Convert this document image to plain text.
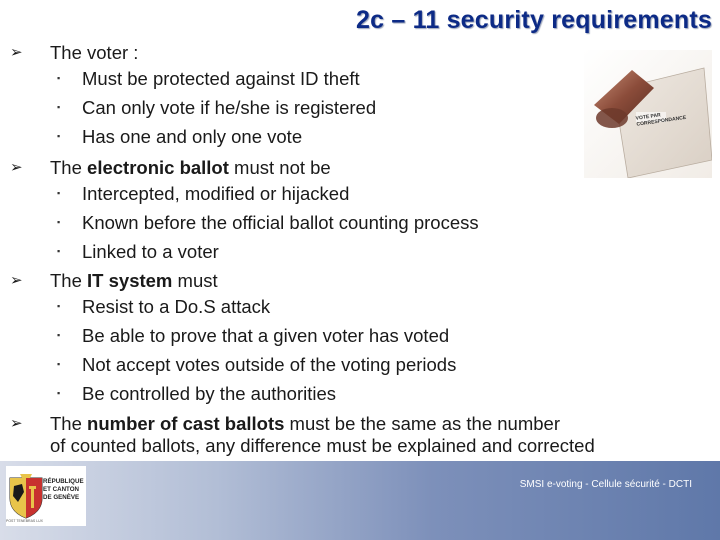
2c – 11 security requirements
➢ The voter :
▪ Must be protected against ID theft
▪ Can only vote if he/she is registered
▪ Has one and only one vote
➢ The electronic ballot must not be
▪ Intercepted, modified or hijacked
▪ Known before the official ballot counting process
▪ Linked to a voter
➢ The IT system must
▪ Resist to a Do.S attack
▪ Be able to prove that a given voter has voted
▪ Not accept votes outside of the voting periods
▪ Be controlled by the authorities
➢ The number of cast ballots must be the same as the number
of counted ballots, any difference must be explained and corrected
VOTE PAR CORRESPONDANCE
SMSI e-voting - Cellule sécurité - DCTI
POST TENEBRAS LUX
RÉPUBLIQUE
ET CANTON
DE GENÈVE
